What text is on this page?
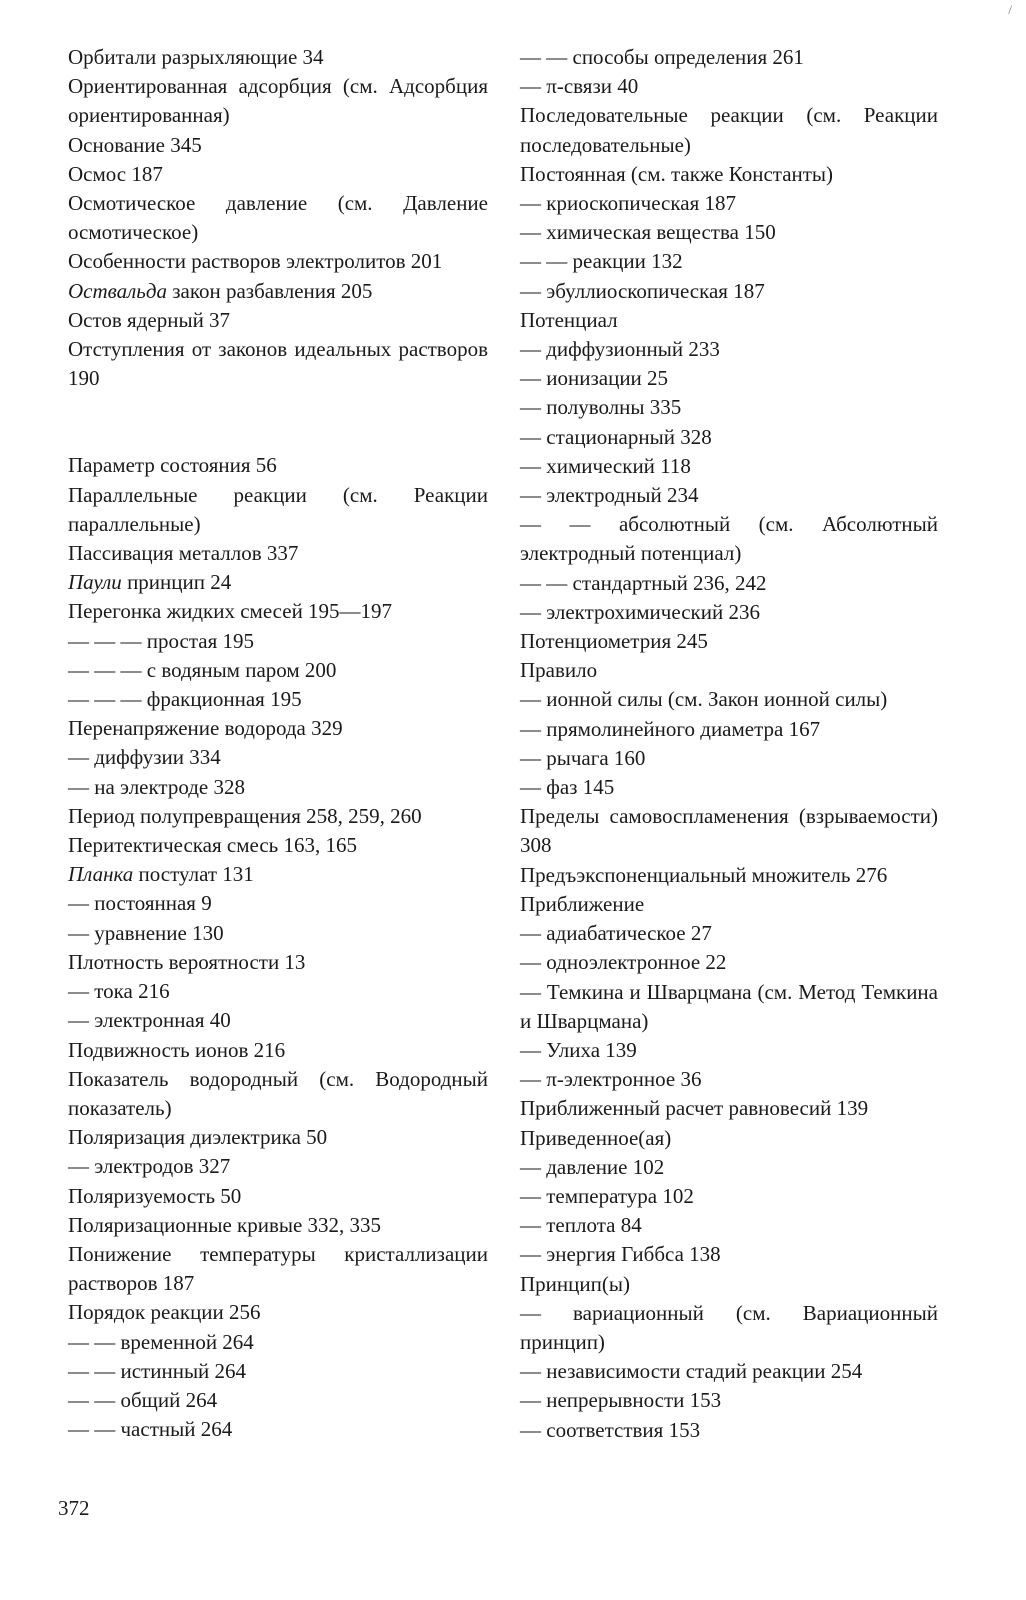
/

Орбитали разрыхляющие 34

Ориентированная адсорбция (см. Адсорбция ориентированная)

Основание 345

Осмос 187

Осмотическое давление (см. Давление осмотическое)

Особенности растворов электролитов 201

Оствальда закон разбавления 205

Остов ядерный 37

Отступления от законов идеальных растворов 190

Параметр состояния 56

Параллельные реакции (см. Реакции параллельные)

Пассивация металлов 337

Паули принцип 24

Перегонка жидких смесей 195—197

— — — простая 195

— — — с водяным паром 200

— — — фракционная 195

Перенапряжение водорода 329

— диффузии 334

— на электроде 328

Период полупревращения 258, 259, 260

Перитектическая смесь 163, 165

Планка постулат 131

— постоянная 9

— уравнение 130

Плотность вероятности 13

— тока 216

— электронная 40

Подвижность ионов 216

Показатель водородный (см. Водородный показатель)

Поляризация диэлектрика 50

— электродов 327

Поляризуемость 50

Поляризационные кривые 332, 335

Понижение температуры кристаллизации растворов 187

Порядок реакции 256

— — временной 264

— — истинный 264

— — общий 264

— — частный 264

— — способы определения 261

— π-связи 40

Последовательные реакции (см. Реакции последовательные)

Постоянная (см. также Константы)

— криоскопическая 187

— химическая вещества 150

— — реакции 132

— эбуллиоскопическая 187

Потенциал

— диффузионный 233

— ионизации 25

— полуволны 335

— стационарный 328

— химический 118

— электродный 234

— — абсолютный (см. Абсолютный электродный потенциал)

— — стандартный 236, 242

— электрохимический 236

Потенциометрия 245

Правило

— ионной силы (см. Закон ионной силы)

— прямолинейного диаметра 167

— рычага 160

— фаз 145

Пределы самовоспламенения (взрываемости) 308

Предъэкспоненциальный множитель 276

Приближение

— адиабатическое 27

— одноэлектронное 22

— Темкина и Шварцмана (см. Метод Темкина и Шварцмана)

— Улиха 139

— π-электронное 36

Приближенный расчет равновесий 139

Приведенное(ая)

— давление 102

— температура 102

— теплота 84

— энергия Гиббса 138

Принцип(ы)

— вариационный (см. Вариационный принцип)

— независимости стадий реакции 254

— непрерывности 153

— соответствия 153

372
